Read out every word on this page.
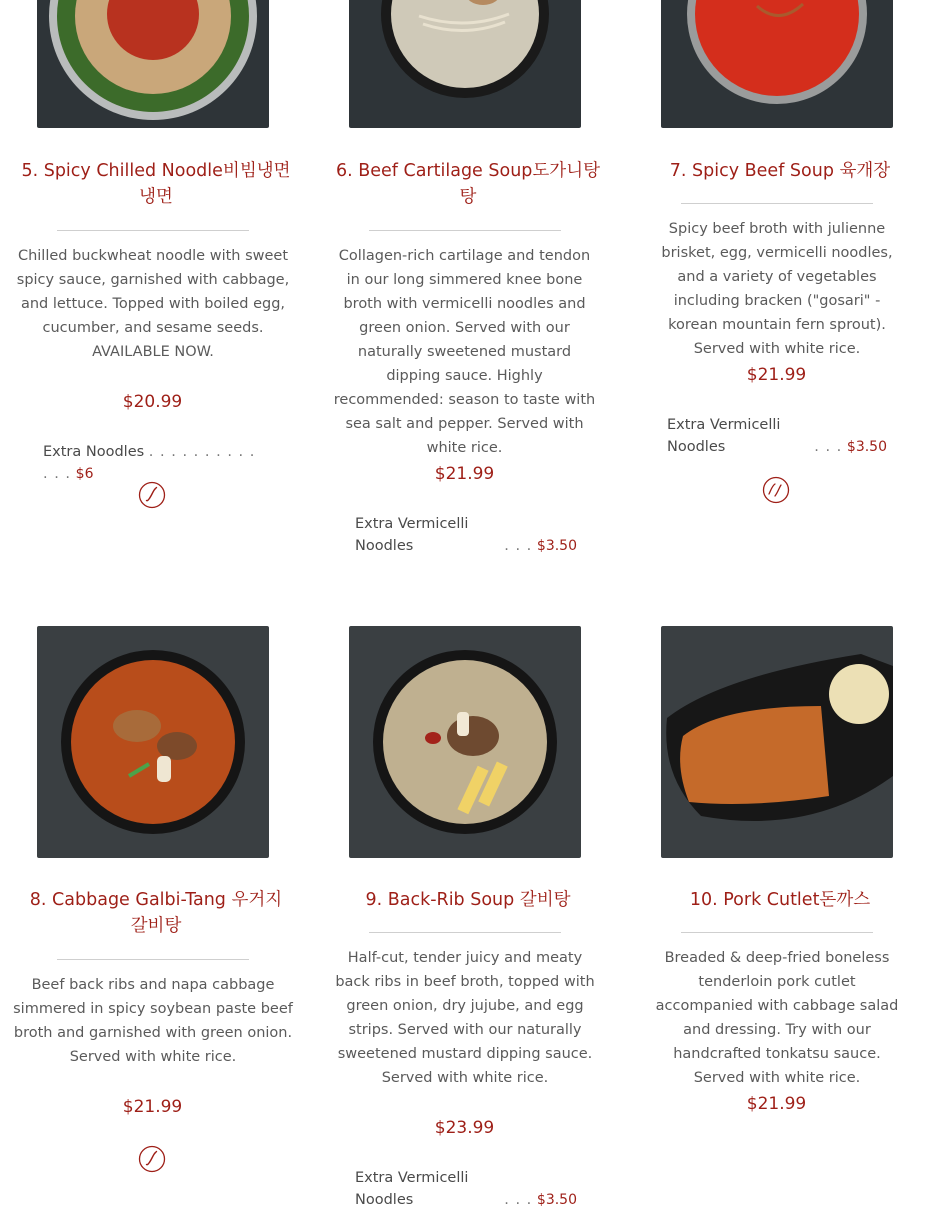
5. Spicy Chilled Noodle비빔냉면
냉면
Chilled buckwheat noodle with sweet spicy sauce, garnished with cabbage, and lettuce. Topped with boiled egg, cucumber, and sesame seeds. AVAILABLE NOW.
$20.99
Extra Noodles . . . . . . . . . . . . . $6
6. Beef Cartilage Soup도가니탕
탕
Collagen-rich cartilage and tendon in our long simmered knee bone broth with vermicelli noodles and green onion. Served with our naturally sweetened mustard dipping sauce. Highly recommended: season to taste with sea salt and pepper. Served with white rice.
$21.99
Extra Vermicelli
Noodles	. . . $3.50
7. Spicy Beef Soup 육개장
Spicy beef broth with julienne brisket, egg, vermicelli noodles, and a variety of vegetables including bracken ("gosari" - korean mountain fern sprout). Served with white rice.
$21.99
Extra Vermicelli
Noodles	. . . $3.50
8. Cabbage Galbi-Tang 우거지
갈비탕
Beef back ribs and napa cabbage simmered in spicy soybean paste beef broth and garnished with green onion. Served with white rice.
$21.99
9. Back-Rib Soup 갈비탕
Half-cut, tender juicy and meaty back ribs in beef broth, topped with green onion, dry jujube, and egg strips. Served with our naturally sweetened mustard dipping sauce. Served with white rice.
$23.99
Extra Vermicelli
Noodles	. . . $3.50
10. Pork Cutlet돈까스
Breaded & deep-fried boneless tenderloin pork cutlet accompanied with cabbage salad and dressing. Try with our handcrafted tonkatsu sauce. Served with white rice.
$21.99
